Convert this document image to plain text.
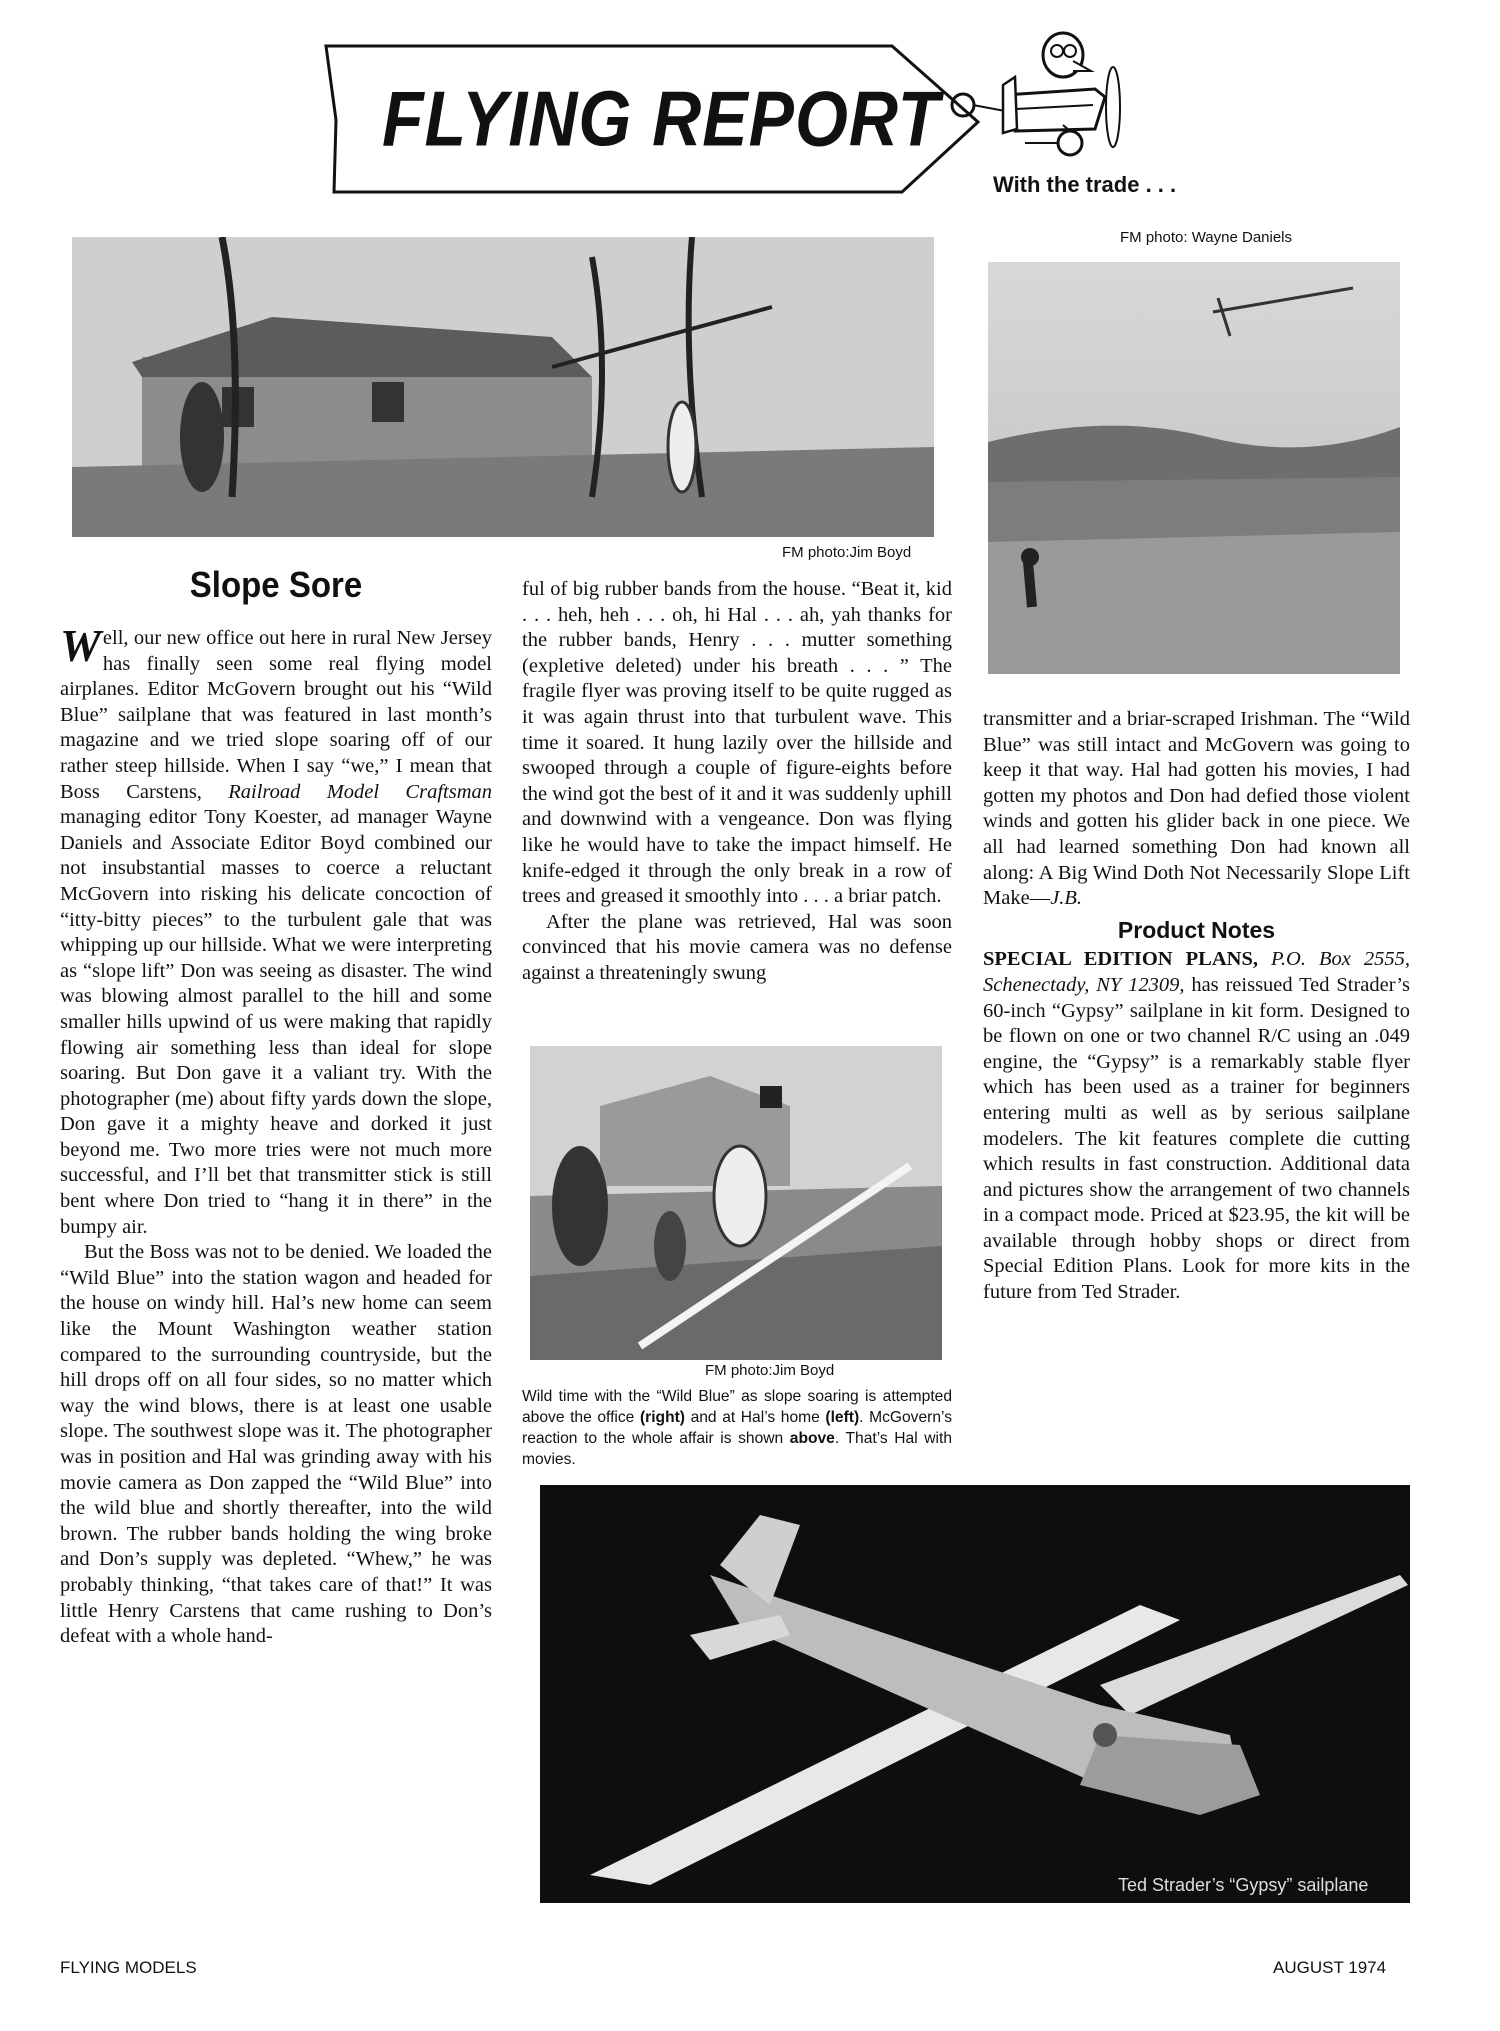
FLYING REPORT
With the trade . . .
FM photo: Wayne Daniels
FM photo:Jim Boyd
Slope Sore

Well, our new office out here in rural New Jersey has finally seen some real flying model airplanes. Editor McGovern brought out his “Wild Blue” sailplane that was featured in last month’s magazine and we tried slope soaring off of our rather steep hillside. When I say “we,” I mean that Boss Carstens, Railroad Model Craftsman managing editor Tony Koester, ad manager Wayne Daniels and Associate Editor Boyd combined our not insubstantial masses to coerce a reluctant McGovern into risking his delicate concoction of “itty-bitty pieces” to the turbulent gale that was whipping up our hillside. What we were interpreting as “slope lift” Don was seeing as disaster. The wind was blowing almost parallel to the hill and some smaller hills upwind of us were making that rapidly flowing air something less than ideal for slope soaring. But Don gave it a valiant try. With the photographer (me) about fifty yards down the slope, Don gave it a mighty heave and dorked it just beyond me. Two more tries were not much more successful, and I’ll bet that transmitter stick is still bent where Don tried to “hang it in there” in the bumpy air.

But the Boss was not to be denied. We loaded the “Wild Blue” into the station wagon and headed for the house on windy hill. Hal’s new home can seem like the Mount Washington weather station compared to the surrounding countryside, but the hill drops off on all four sides, so no matter which way the wind blows, there is at least one usable slope. The southwest slope was it. The photographer was in position and Hal was grinding away with his movie camera as Don zapped the “Wild Blue” into the wild blue and shortly thereafter, into the wild brown. The rubber bands holding the wing broke and Don’s supply was depleted. “Whew,” he was probably thinking, “that takes care of that!” It was little Henry Carstens that came rushing to Don’s defeat with a whole hand-

ful of big rubber bands from the house. “Beat it, kid . . . heh, heh . . . oh, hi Hal . . . ah, yah thanks for the rubber bands, Henry . . . mutter something (expletive deleted) under his breath . . . ” The fragile flyer was proving itself to be quite rugged as it was again thrust into that turbulent wave. This time it soared. It hung lazily over the hillside and swooped through a couple of figure-eights before the wind got the best of it and it was suddenly uphill and downwind with a vengeance. Don was flying like he would have to take the impact himself. He knife-edged it through the only break in a row of trees and greased it smoothly into . . . a briar patch.

After the plane was retrieved, Hal was soon convinced that his movie camera was no defense against a threateningly swung

FM photo:Jim Boyd
Wild time with the “Wild Blue” as slope soaring is attempted above the office (right) and at Hal’s home (left). McGovern’s reaction to the whole affair is shown above. That’s Hal with movies.

transmitter and a briar-scraped Irishman. The “Wild Blue” was still intact and McGovern was going to keep it that way. Hal had gotten his movies, I had gotten my photos and Don had defied those violent winds and gotten his glider back in one piece. We all had learned something Don had known all along: A Big Wind Doth Not Necessarily Slope Lift Make—J.B.

Product Notes

SPECIAL EDITION PLANS, P.O. Box 2555, Schenectady, NY 12309, has reissued Ted Strader’s 60-inch “Gypsy” sailplane in kit form. Designed to be flown on one or two channel R/C using an .049 engine, the “Gypsy” is a remarkably stable flyer which has been used as a trainer for beginners entering multi as well as by serious sailplane modelers. The kit features complete die cutting which results in fast construction. Additional data and pictures show the arrangement of two channels in a compact mode. Priced at $23.95, the kit will be available through hobby shops or direct from Special Edition Plans. Look for more kits in the future from Ted Strader.

Ted Strader’s “Gypsy” sailplane
FLYING MODELS	AUGUST 1974
